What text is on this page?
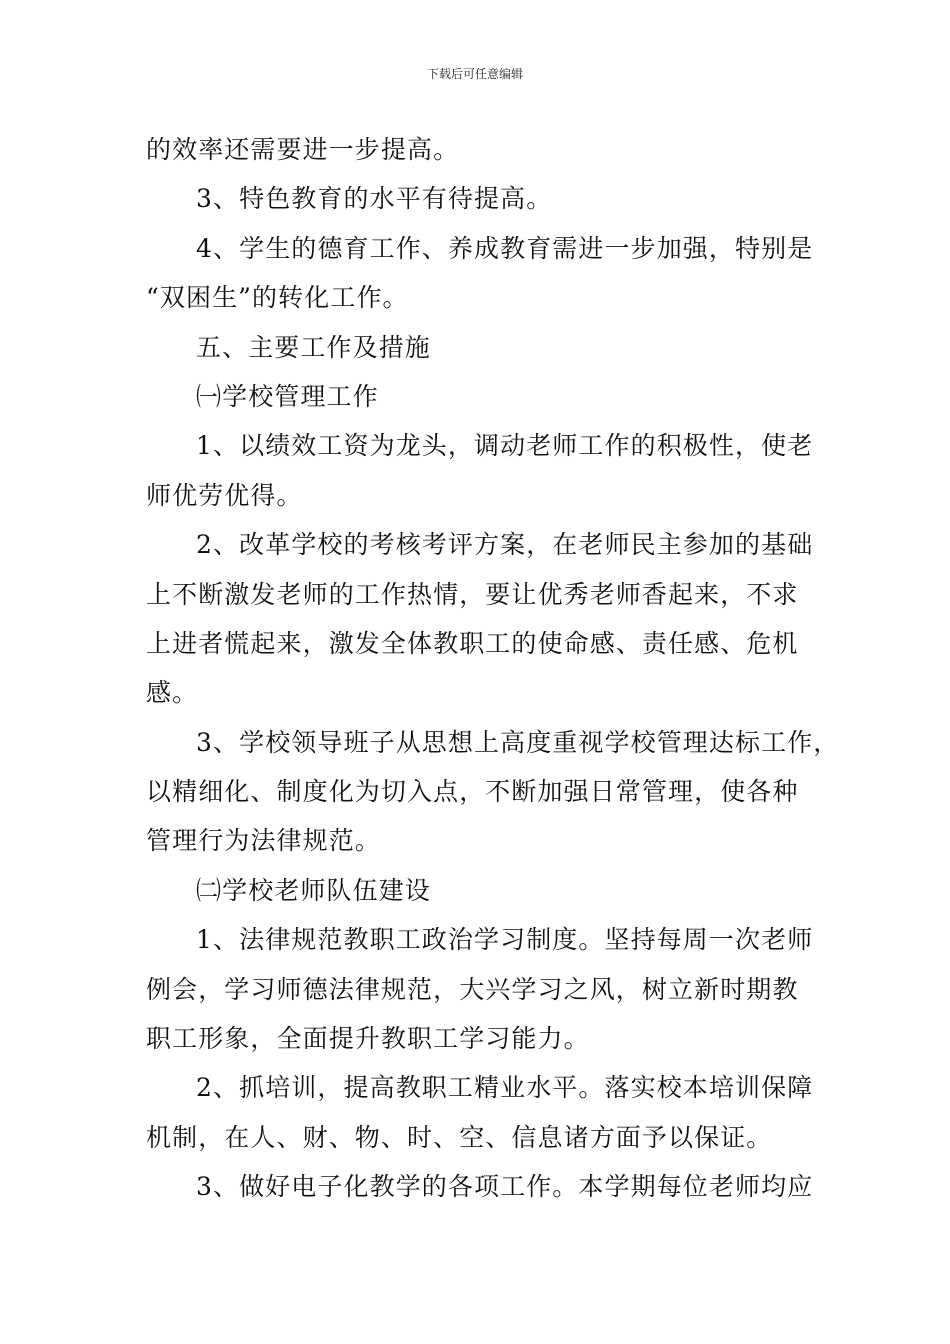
下载后可任意编辑
的效率还需要进一步提高。
3、特色教育的水平有待提高。
4、学生的德育工作、养成教育需进一步加强，特别是
“双困生”的转化工作。
五、主要工作及措施
㈠学校管理工作
1、以绩效工资为龙头，调动老师工作的积极性，使老
师优劳优得。
2、改革学校的考核考评方案，在老师民主参加的基础
上不断激发老师的工作热情，要让优秀老师香起来，不求
上进者慌起来，激发全体教职工的使命感、责任感、危机
感。
3、学校领导班子从思想上高度重视学校管理达标工作，
以精细化、制度化为切入点，不断加强日常管理，使各种
管理行为法律规范。
㈡学校老师队伍建设
1、法律规范教职工政治学习制度。坚持每周一次老师
例会，学习师德法律规范，大兴学习之风，树立新时期教
职工形象，全面提升教职工学习能力。
2、抓培训，提高教职工精业水平。落实校本培训保障
机制，在人、财、物、时、空、信息诸方面予以保证。
3、做好电子化教学的各项工作。本学期每位老师均应
